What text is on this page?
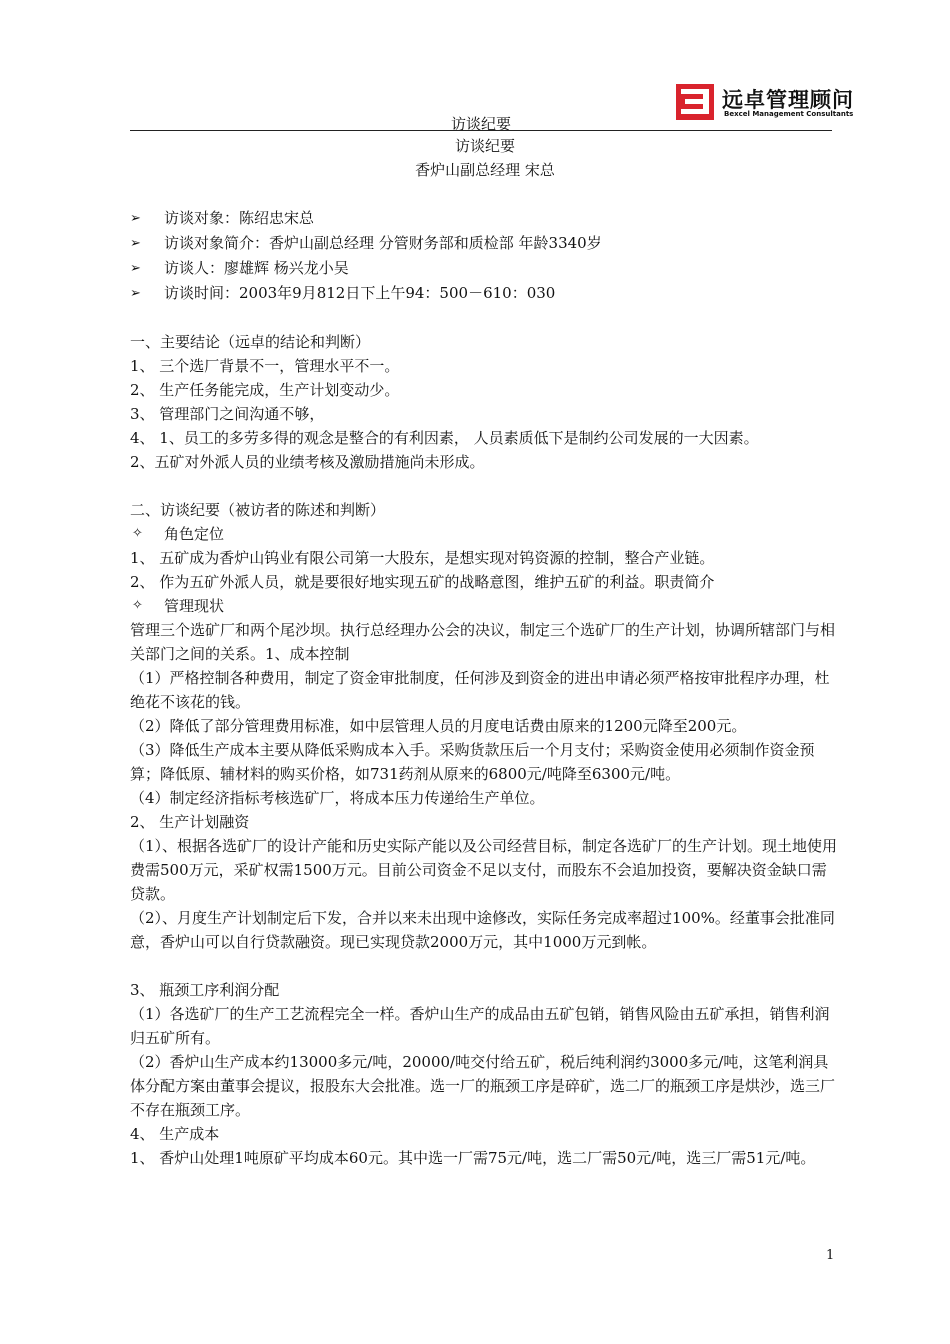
远卓管理顾问
Bexcel Management Consultants
访谈纪要

访谈纪要

香炉山副总经理 宋总

➢ 访谈对象：陈绍忠宋总

➢ 访谈对象简介：香炉山副总经理 分管财务部和质检部 年龄3340岁

➢ 访谈人：廖雄辉 杨兴龙小吴

➢ 访谈时间：2003年9月812日下上午94：500－610：030

一、主要结论（远卓的结论和判断）

1、 三个选厂背景不一，管理水平不一。

2、 生产任务能完成，生产计划变动少。

3、 管理部门之间沟通不够，

4、 1、员工的多劳多得的观念是整合的有利因素， 人员素质低下是制约公司发展的一大因素。

2、五矿对外派人员的业绩考核及激励措施尚未形成。

二、访谈纪要（被访者的陈述和判断）

✧ 角色定位

1、 五矿成为香炉山钨业有限公司第一大股东，是想实现对钨资源的控制，整合产业链。

2、 作为五矿外派人员，就是要很好地实现五矿的战略意图，维护五矿的利益。职责简介

✧ 管理现状

管理三个选矿厂和两个尾沙坝。执行总经理办公会的决议，制定三个选矿厂的生产计划，协调所辖部门与相关部门之间的关系。1、成本控制

（1）严格控制各种费用，制定了资金审批制度，任何涉及到资金的进出申请必须严格按审批程序办理，杜绝花不该花的钱。

（2）降低了部分管理费用标准，如中层管理人员的月度电话费由原来的1200元降至200元。

（3）降低生产成本主要从降低采购成本入手。采购货款压后一个月支付；采购资金使用必须制作资金预算；降低原、辅材料的购买价格，如731药剂从原来的6800元/吨降至6300元/吨。

（4）制定经济指标考核选矿厂，将成本压力传递给生产单位。

2、 生产计划融资

（1）、根据各选矿厂的设计产能和历史实际产能以及公司经营目标，制定各选矿厂的生产计划。现土地使用费需500万元，采矿权需1500万元。目前公司资金不足以支付，而股东不会追加投资，要解决资金缺口需贷款。

（2）、月度生产计划制定后下发，合并以来未出现中途修改，实际任务完成率超过100%。经董事会批准同意，香炉山可以自行贷款融资。现已实现贷款2000万元，其中1000万元到帐。

3、 瓶颈工序利润分配

（1）各选矿厂的生产工艺流程完全一样。香炉山生产的成品由五矿包销，销售风险由五矿承担，销售利润归五矿所有。

（2）香炉山生产成本约13000多元/吨，20000/吨交付给五矿，税后纯利润约3000多元/吨，这笔利润具体分配方案由董事会提议，报股东大会批准。选一厂的瓶颈工序是碎矿，选二厂的瓶颈工序是烘沙，选三厂不存在瓶颈工序。

4、 生产成本

1、 香炉山处理1吨原矿平均成本60元。其中选一厂需75元/吨，选二厂需50元/吨，选三厂需51元/吨。

1
